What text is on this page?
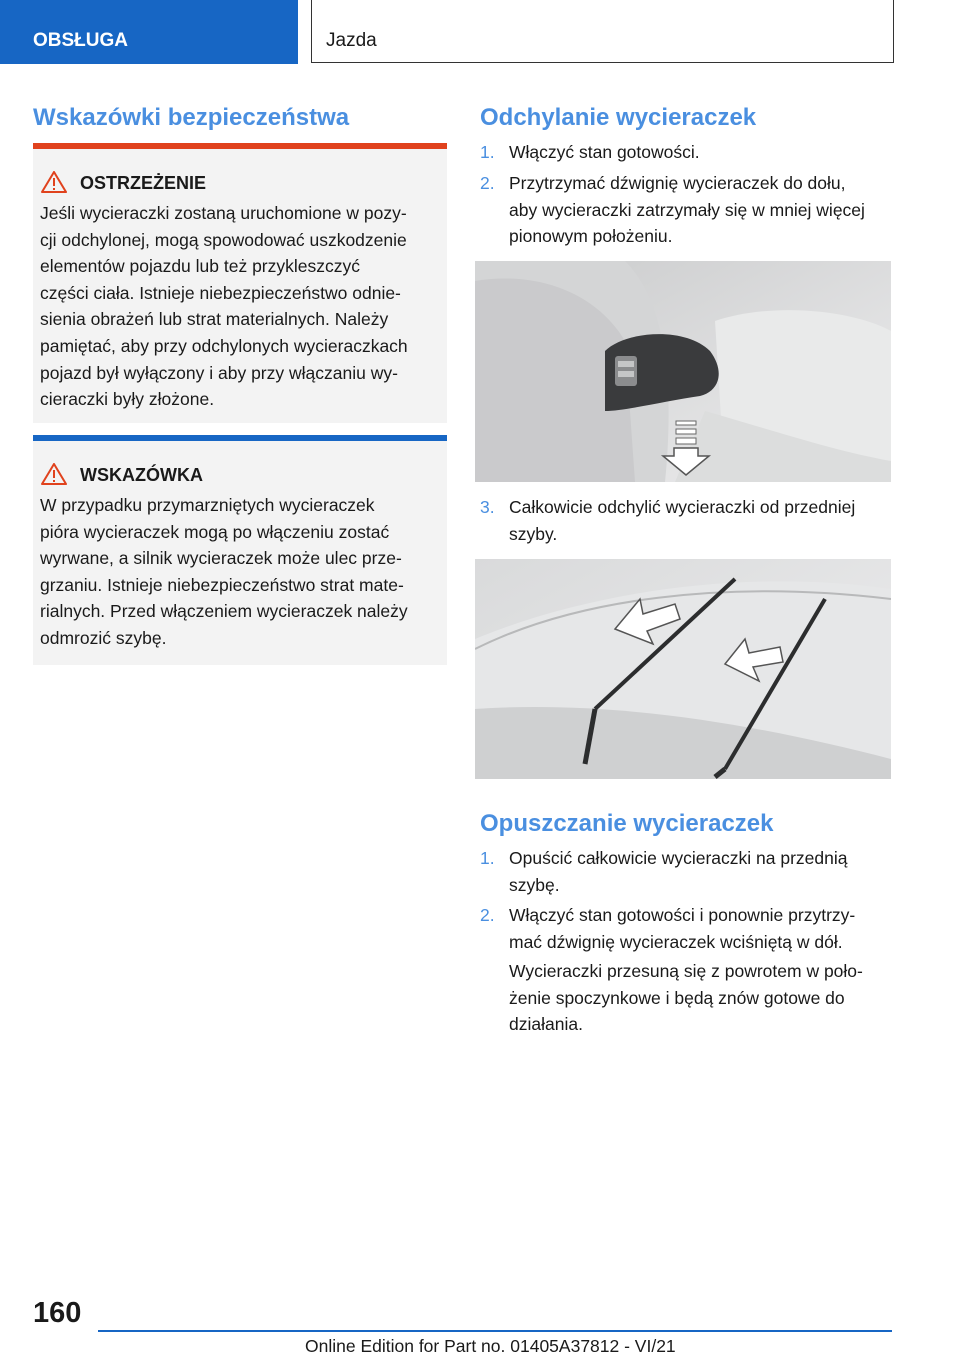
OBSŁUGA	Jazda
Wskazówki bezpieczeństwa
OSTRZEŻENIE
Jeśli wycieraczki zostaną uruchomione w pozy‐
cji odchylonej, mogą spowodować uszkodzenie
elementów pojazdu lub też przykleszczyć
części ciała. Istnieje niebezpieczeństwo odnie‐
sienia obrażeń lub strat materialnych. Należy
pamiętać, aby przy odchylonych wycieraczkach
pojazd był wyłączony i aby przy włączaniu wy‐
cieraczki były złożone.
WSKAZÓWKA
W przypadku przymarzniętych wycieraczek
pióra wycieraczek mogą po włączeniu zostać
wyrwane, a silnik wycieraczek może ulec prze‐
grzaniu. Istnieje niebezpieczeństwo strat mate‐
rialnych. Przed włączeniem wycieraczek należy
odmrozić szybę.
Odchylanie wycieraczek
1. Włączyć stan gotowości.
2. Przytrzymać dźwignię wycieraczek do dołu,
aby wycieraczki zatrzymały się w mniej więcej
pionowym położeniu.
3. Całkowicie odchylić wycieraczki od przedniej
szyby.
Opuszczanie wycieraczek
1. Opuścić całkowicie wycieraczki na przednią
szybę.
2. Włączyć stan gotowości i ponownie przytrzy‐
mać dźwignię wycieraczek wciśniętą w dół.
Wycieraczki przesuną się z powrotem w poło‐
żenie spoczynkowe i będą znów gotowe do
działania.
160
Online Edition for Part no. 01405A37812 - VI/21
